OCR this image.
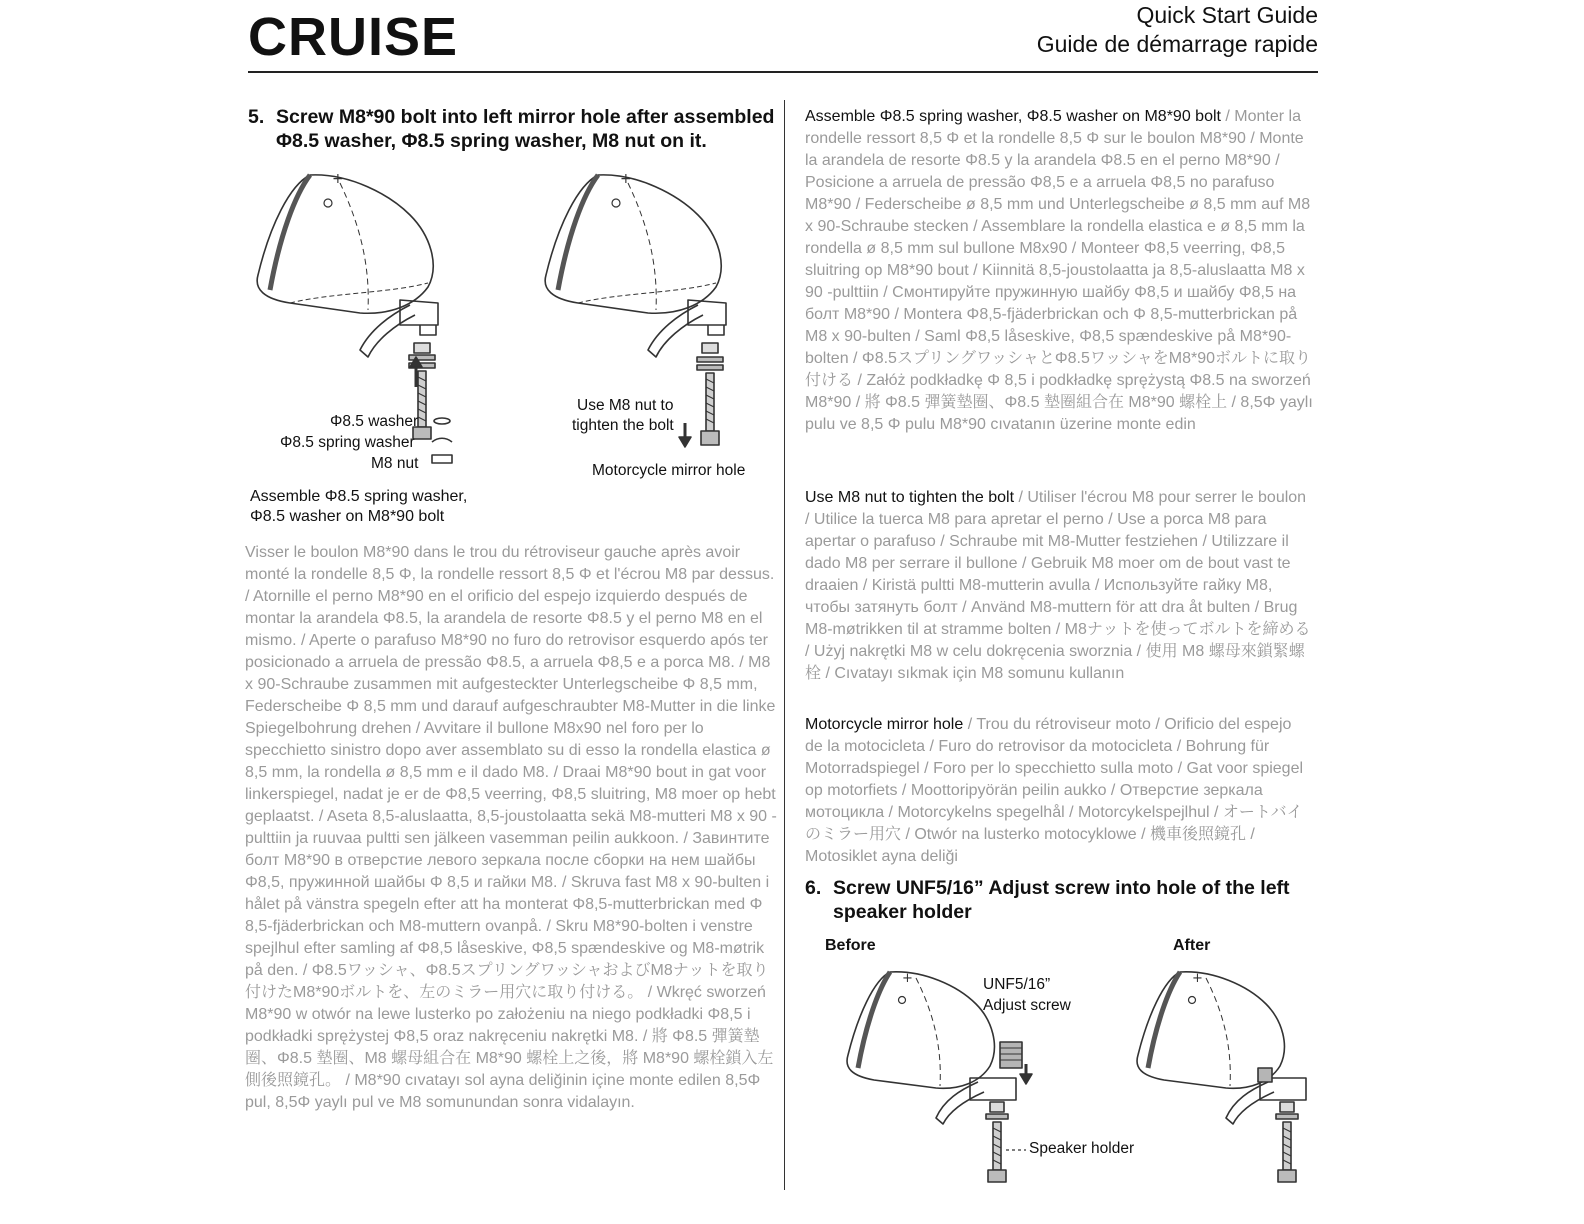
CRUISE	Quick Start Guide
Guide de démarrage rapide
5. Screw M8*90 bolt into left mirror hole after assembled
Φ8.5 washer, Φ8.5 spring washer, M8 nut on it.
+	+
Φ8.5 washer
Φ8.5 spring washer
M8 nut
Use M8 nut to
tighten the bolt
Motorcycle mirror hole
Assemble Φ8.5 spring washer,
Φ8.5 washer on M8*90 bolt
Visser le boulon M8*90 dans le trou du rétroviseur gauche après avoir monté la rondelle 8,5 Φ, la rondelle ressort 8,5 Φ et l'écrou M8 par dessus. / Atornille el perno M8*90 en el orificio del espejo izquierdo después de montar la arandela Φ8.5, la arandela de resorte Φ8.5 y el perno M8 en el mismo. / Aperte o parafuso M8*90 no furo do retrovisor esquerdo após ter posicionado a arruela de pressão Φ8.5, a arruela Φ8,5 e a porca M8. / M8 x 90-Schraube zusammen mit aufgesteckter Unterlegscheibe Φ 8,5 mm, Federscheibe Φ 8,5 mm und darauf aufgeschraubter M8-Mutter in die linke Spiegelbohrung drehen / Avvitare il bullone M8x90 nel foro per lo specchietto sinistro dopo aver assemblato su di esso la rondella elastica ø 8,5 mm, la rondella ø 8,5 mm e il dado M8. / Draai M8*90 bout in gat voor linkerspiegel, nadat je er de Φ8,5 veerring, Φ8,5 sluitring, M8 moer op hebt geplaatst. / Aseta 8,5-aluslaatta, 8,5-joustolaatta sekä M8-mutteri M8 x 90 -pulttiin ja ruuvaa pultti sen jälkeen vasemman peilin aukkoon. / Завинтите болт M8*90 в отверстие левого зеркала после сборки на нем шайбы Φ8,5, пружинной шайбы Φ 8,5 и гайки M8. / Skruva fast M8 x 90-bulten i hålet på vänstra spegeln efter att ha monterat Φ8,5-mutterbrickan med Φ 8,5-fjäderbrickan och M8-muttern ovanpå. / Skru M8*90-bolten i venstre spejlhul efter samling af Φ8,5 låseskive, Φ8,5 spændeskive og M8-møtrik på den. / Φ8.5ワッシャ、Φ8.5スプリングワッシャおよびM8ナットを取り付けたM8*90ボルトを、左のミラー用穴に取り付ける。 / Wkręć sworzeń M8*90 w otwór na lewe lusterko po założeniu na niego podkładki Φ8,5 i podkładki sprężystej Φ8,5 oraz nakręceniu nakrętki M8. / 將 Φ8.5 彈簧墊圈、Φ8.5 墊圈、M8 螺母組合在 M8*90 螺栓上之後，將 M8*90 螺栓鎖入左側後照鏡孔。 / M8*90 cıvatayı sol ayna deliğinin içine monte edilen 8,5Φ pul, 8,5Φ yaylı pul ve M8 somunundan sonra vidalayın.
Assemble Φ8.5 spring washer, Φ8.5 washer on M8*90 bolt / Monter la rondelle ressort 8,5 Φ et la rondelle 8,5 Φ sur le boulon M8*90 / Monte la arandela de resorte Φ8.5 y la arandela Φ8.5 en el perno M8*90 / Posicione a arruela de pressão Φ8,5 e a arruela Φ8,5 no parafuso M8*90 / Federscheibe ø 8,5 mm und Unterlegscheibe ø 8,5 mm auf M8 x 90-Schraube stecken / Assemblare la rondella elastica e ø 8,5 mm la rondella ø 8,5 mm sul bullone M8x90 / Monteer Φ8,5 veerring, Φ8,5 sluitring op M8*90 bout / Kiinnitä 8,5-joustolaatta ja 8,5-aluslaatta M8 x 90 -pulttiin / Смонтируйте пружинную шайбу Φ8,5 и шайбу Φ8,5 на болт M8*90 / Montera Φ8,5-fjäderbrickan och Φ 8,5-mutterbrickan på M8 x 90-bulten / Saml Φ8,5 låseskive, Φ8,5 spændeskive på M8*90-bolten / Φ8.5スプリングワッシャとΦ8.5ワッシャをM8*90ボルトに取り付ける / Załóż podkładkę Φ 8,5 i podkładkę sprężystą Φ8.5 na sworzeń M8*90 / 將 Φ8.5 彈簧墊圈、Φ8.5 墊圈組合在 M8*90 螺栓上 / 8,5Φ yaylı pulu ve 8,5 Φ pulu M8*90 cıvatanın üzerine monte edin
Use M8 nut to tighten the bolt / Utiliser l'écrou M8 pour serrer le boulon / Utilice la tuerca M8 para apretar el perno / Use a porca M8 para apertar o parafuso / Schraube mit M8-Mutter festziehen / Utilizzare il dado M8 per serrare il bullone / Gebruik M8 moer om de bout vast te draaien / Kiristä pultti M8-mutterin avulla / Используйте гайку M8, чтобы затянуть болт / Använd M8-muttern för att dra åt bulten / Brug M8-møtrikken til at stramme bolten / M8ナットを使ってボルトを締める / Użyj nakrętki M8 w celu dokręcenia sworznia / 使用 M8 螺母來鎖緊螺栓 / Cıvatayı sıkmak için M8 somunu kullanın
Motorcycle mirror hole / Trou du rétroviseur moto / Orificio del espejo de la motocicleta / Furo do retrovisor da motocicleta / Bohrung für Motorradspiegel / Foro per lo specchietto sulla moto / Gat voor spiegel op motorfiets / Moottoripyörän peilin aukko / Отверстие зеркала мотоцикла / Motorcykelns spegelhål / Motorcykelspejlhul / オートバイのミラー用穴 / Otwór na lusterko motocyklowe / 機車後照鏡孔 / Motosiklet ayna deliği
6. Screw UNF5/16” Adjust screw into hole of the left
speaker holder
Before	After
+	+
UNF5/16”
Adjust screw
Speaker holder
